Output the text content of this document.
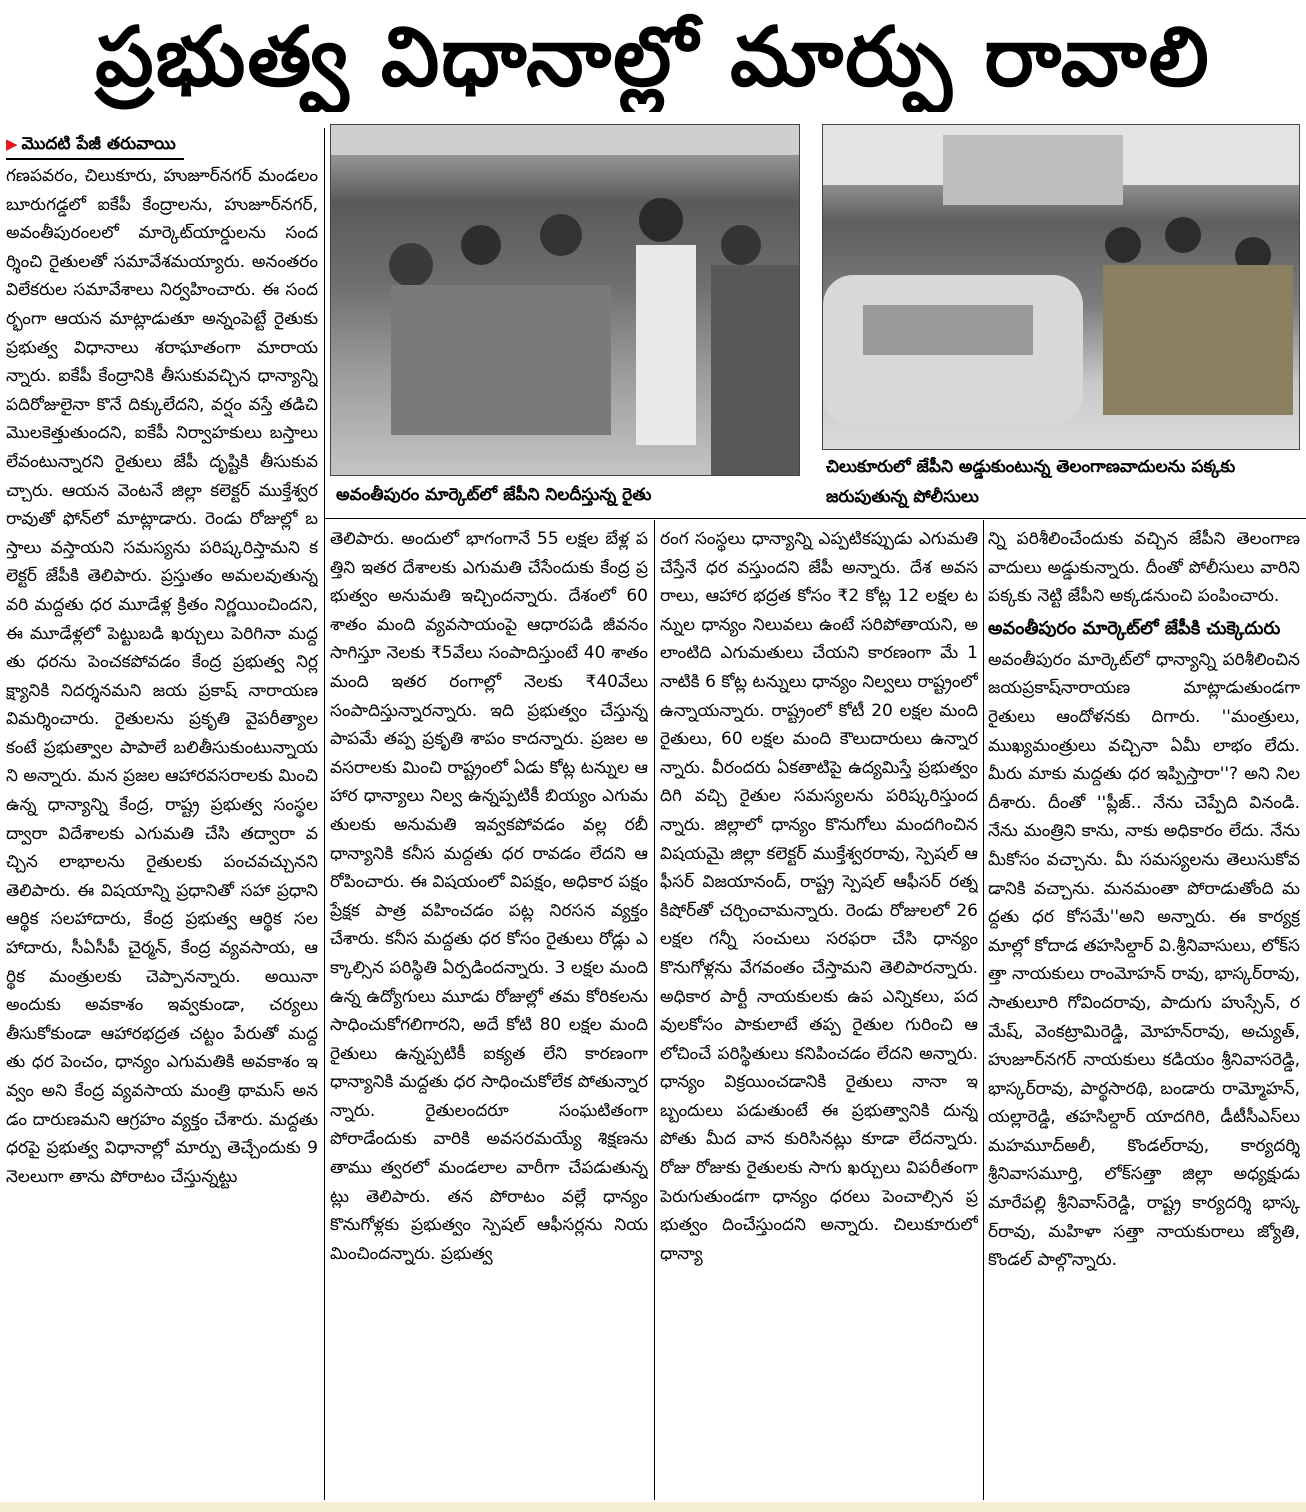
ప్రభుత్వ విధానాల్లో మార్పు రావాలి
▶ మొదటి పేజీ తరువాయి

గణపవరం, చిలుకూరు, హుజూర్‌నగర్ మండలం బూరుగడ్డలో ఐకేపీ కేంద్రాలను, హుజూర్‌నగర్, అవంతీపురంలలో మార్కెట్‌యార్డులను సందర్శించి రైతులతో సమావేశమయ్యారు. అనంతరం విలేకరుల సమావేశాలు నిర్వహించారు. ఈ సందర్భంగా ఆయన మాట్లాడుతూ అన్నంపెట్టే రైతుకు ప్రభుత్వ విధానాలు శరాఘాతంగా మారాయన్నారు. ఐకేపీ కేంద్రానికి తీసుకువచ్చిన ధాన్యాన్ని పదిరోజులైనా కొనే దిక్కులేదని, వర్షం వస్తే తడిచి మొలకెత్తుతుందని, ఐకేపీ నిర్వాహకులు బస్తాలు లేవంటున్నారని రైతులు జేపీ దృష్టికి తీసుకువచ్చారు. ఆయన వెంటనే జిల్లా కలెక్టర్ ముక్తేశ్వర రావుతో ఫోన్‌లో మాట్లాడారు. రెండు రోజుల్లో బస్తాలు వస్తాయని సమస్యను పరిష్కరిస్తామని కలెక్టర్ జేపీకి తెలిపారు. ప్రస్తుతం అమలవుతున్న వరి మద్దతు ధర మూడేళ్ల క్రితం నిర్ణయించిందని, ఈ మూడేళ్లలో పెట్టుబడి ఖర్చులు పెరిగినా మద్దతు ధరను పెంచకపోవడం కేంద్ర ప్రభుత్వ నిర్లక్ష్యానికి నిదర్శనమని జయ ప్రకాష్ నారాయణ విమర్శించారు. రైతులను ప్రకృతి వైపరీత్యాలకంటే ప్రభుత్వాల పాపాలే బలితీసుకుంటున్నాయని అన్నారు. మన ప్రజల ఆహారవసరాలకు మించి ఉన్న ధాన్యాన్ని కేంద్ర, రాష్ట్ర ప్రభుత్వ సంస్థల ద్వారా విదేశాలకు ఎగుమతి చేసి తద్వారా వచ్చిన లాభాలను రైతులకు పంచవచ్చునని తెలిపారు. ఈ విషయాన్ని ప్రధానితో సహా ప్రధాని ఆర్థిక సలహాదారు, కేంద్ర ప్రభుత్వ ఆర్థిక సలహాదారు, సీఏసీపీ చైర్మన్, కేంద్ర వ్యవసాయ, ఆర్థిక మంత్రులకు చెప్పానన్నారు. అయినా అందుకు అవకాశం ఇవ్వకుండా, చర్యలు తీసుకోకుండా ఆహారభద్రత చట్టం పేరుతో మద్దతు ధర పెంచం, ధాన్యం ఎగుమతికి అవకాశం ఇవ్వం అని కేంద్ర వ్యవసాయ మంత్రి థామస్ అనడం దారుణమని ఆగ్రహం వ్యక్తం చేశారు. మద్దతు ధరపై ప్రభుత్వ విధానాల్లో మార్పు తెచ్చేందుకు 9 నెలలుగా తాను పోరాటం చేస్తున్నట్టు

అవంతీపురం మార్కెట్‌లో జేపీని నిలదీస్తున్న రైతు
చిలుకూరులో జేపీని అడ్డుకుంటున్న తెలంగాణవాదులను పక్కకు జరుపుతున్న పోలీసులు

తెలిపారు. అందులో భాగంగానే 55 లక్షల బేళ్ల పత్తిని ఇతర దేశాలకు ఎగుమతి చేసేందుకు కేంద్ర ప్రభుత్వం అనుమతి ఇచ్చిందన్నారు. దేశంలో 60శాతం మంది వ్యవసాయంపై ఆధారపడి జీవనం సాగిస్తూ నెలకు ₹5వేలు సంపాదిస్తుంటే 40 శాతం మంది ఇతర రంగాల్లో నెలకు ₹40వేలు సంపాదిస్తున్నారన్నారు. ఇది ప్రభుత్వం చేస్తున్న పాపమే తప్ప ప్రకృతి శాపం కాదన్నారు. ప్రజల అవసరాలకు మించి రాష్ట్రంలో ఏడు కోట్ల టన్నుల ఆహార ధాన్యాలు నిల్వ ఉన్నప్పటికీ బియ్యం ఎగుమతులకు అనుమతి ఇవ్వకపోవడం వల్ల రబీ ధాన్యానికి కనీస మద్దతు ధర రావడం లేదని ఆరోపించారు. ఈ విషయంలో విపక్షం, అధికార పక్షం ప్రేక్షక పాత్ర వహించడం పట్ల నిరసన వ్యక్తం చేశారు. కనీస మద్దతు ధర కోసం రైతులు రోడ్లు ఎక్కాల్సిన పరిస్థితి ఏర్పడిందన్నారు. 3 లక్షల మంది ఉన్న ఉద్యోగులు మూడు రోజుల్లో తమ కోరికలను సాధించుకోగలిగారని, అదే కోటి 80 లక్షల మంది రైతులు ఉన్నప్పటికీ ఐక్యత లేని కారణంగా ధాన్యానికి మద్దతు ధర సాధించుకోలేక పోతున్నారన్నారు. రైతులందరూ సంఘటితంగా పోరాడేందుకు వారికి అవసరమయ్యే శిక్షణను తాము త్వరలో మండలాల వారీగా చేపడుతున్నట్లు తెలిపారు. తన పోరాటం వల్లే ధాన్యం కొనుగోళ్లకు ప్రభుత్వం స్పెషల్ ఆఫీసర్లను నియమించిందన్నారు. ప్రభుత్వ

రంగ సంస్థలు ధాన్యాన్ని ఎప్పటికప్పుడు ఎగుమతి చేస్తేనే ధర వస్తుందని జేపీ అన్నారు. దేశ అవసరాలు, ఆహార భద్రత కోసం ₹2 కోట్ల 12 లక్షల టన్నుల ధాన్యం నిలువలు ఉంటే సరిపోతాయని, అలాంటిది ఎగుమతులు చేయని కారణంగా మే 1 నాటికి 6 కోట్ల టన్నులు ధాన్యం నిల్వలు రాష్ట్రంలో ఉన్నాయన్నారు. రాష్ట్రంలో కోటీ 20 లక్షల మంది రైతులు, 60 లక్షల మంది కౌలుదారులు ఉన్నారన్నారు. వీరందరు ఏకతాటిపై ఉద్యమిస్తే ప్రభుత్వం దిగి వచ్చి రైతుల సమస్యలను పరిష్కరిస్తుందన్నారు. జిల్లాలో ధాన్యం కొనుగోలు మందగించిన విషయమై జిల్లా కలెక్టర్ ముక్తేశ్వరరావు, స్పెషల్ ఆఫీసర్ విజయానంద్, రాష్ట్ర స్పెషల్ ఆఫీసర్ రత్నకిషోర్‌తో చర్చించామన్నారు. రెండు రోజులలో 26 లక్షల గన్నీ సంచులు సరఫరా చేసి ధాన్యం కొనుగోళ్లను వేగవంతం చేస్తామని తెలిపారన్నారు. అధికార పార్టీ నాయకులకు ఉప ఎన్నికలు, పదవులకోసం పాకులాటే తప్ప రైతుల గురించి ఆలోచించే పరిస్థితులు కనిపించడం లేదని అన్నారు. ధాన్యం విక్రయించడానికి రైతులు నానా ఇబ్బందులు పడుతుంటే ఈ ప్రభుత్వానికి దున్నపోతు మీద వాన కురిసినట్లు కూడా లేదన్నారు. రోజు రోజుకు రైతులకు సాగు ఖర్చులు విపరీతంగా పెరుగుతుండగా ధాన్యం ధరలు పెంచాల్సిన ప్రభుత్వం దించేస్తుందని అన్నారు. చిలుకూరులో ధాన్యా

న్ని పరిశీలించేందుకు వచ్చిన జేపీని తెలంగాణవాదులు అడ్డుకున్నారు. దీంతో పోలీసులు వారిని పక్కకు నెట్టి జేపీని అక్కడనుంచి పంపించారు.

అవంతీపురం మార్కెట్‌లో జేపీకి చుక్కెదురు

అవంతీపురం మార్కెట్‌లో ధాన్యాన్ని పరిశీలించిన జయప్రకాష్‌నారాయణ మాట్లాడుతుండగా రైతులు ఆందోళనకు దిగారు. ''మంత్రులు, ముఖ్యమంత్రులు వచ్చినా ఏమీ లాభం లేదు. మీరు మాకు మద్దతు ధర ఇప్పిస్తారా''? అని నిలదీశారు. దీంతో ''ప్లీజ్.. నేను చెప్పేది వినండి. నేను మంత్రిని కాను, నాకు అధికారం లేదు. నేను మీకోసం వచ్చాను. మీ సమస్యలను తెలుసుకోవడానికి వచ్చాను. మనమంతా పోరాడుతోంది మద్దతు ధర కోసమే''అని అన్నారు. ఈ కార్యక్రమాల్లో కోదాడ తహసిల్దార్ వి.శ్రీనివాసులు, లోక్‌సత్తా నాయకులు రాంమోహన్ రావు, భాస్కర్‌రావు, సాతులూరి గోవిందరావు, పాదుగు హుస్సేన్, రమేష్, వెంకట్రామిరెడ్డి, మోహన్‌రావు, అచ్యుత్, హుజూర్‌నగర్ నాయకులు కడియం శ్రీనివాసరెడ్డి, భాస్కర్‌రావు, పార్థసారథి, బండారు రామ్మోహన్, యల్లారెడ్డి, తహసిల్దార్ యాదగిరి, డీటీసీఎస్‌లు మహమూద్‌అలీ, కొండల్‌రావు, కార్యదర్శి శ్రీనివాసమూర్తి, లోక్‌సత్తా జిల్లా అధ్యక్షుడు మారేపల్లి శ్రీనివాస్‌రెడ్డి, రాష్ట్ర కార్యదర్శి భాస్కర్‌రావు, మహిళా సత్తా నాయకురాలు జ్యోతి, కొండల్ పాల్గొన్నారు.
